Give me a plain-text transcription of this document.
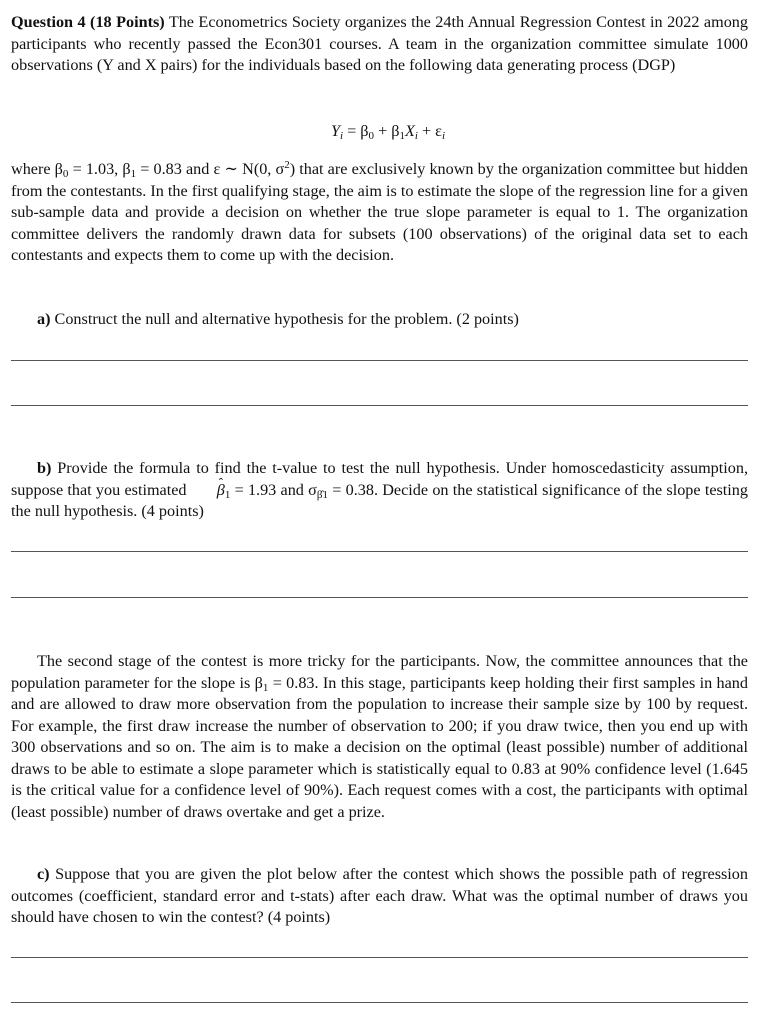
Question 4 (18 Points) The Econometrics Society organizes the 24th Annual Regression Contest in 2022 among participants who recently passed the Econ301 courses. A team in the organization committee simulate 1000 observations (Y and X pairs) for the individuals based on the following data generating process (DGP)

$Y_i = \beta_0 + \beta_1X_i + \varepsilon_i$

where $\beta_0 = 1.03$, $\beta_1 = 0.83$ and ε ∼ N(0, $\sigma^2$) that are exclusively known by the organization committee but hidden from the contestants. In the first qualifying stage, the aim is to estimate the slope of the regression line for a given sub-sample data and provide a decision on whether the true slope parameter is equal to 1. The organization committee delivers the randomly drawn data for subsets (100 observations) of the original data set to each contestants and expects them to come up with the decision.

a) Construct the null and alternative hypothesis for the problem. (2 points)

b) Provide the formula to find the t-value to test the null hypothesis. Under homoscedasticity assumption, suppose that you estimated ˆ $\beta_1 = 1.93$ and $\sigma_{\betâ1} = 0.38$. Decide on the statistical significance of the slope testing the null hypothesis. (4 points)

The second stage of the contest is more tricky for the participants. Now, the committee announces that the population parameter for the slope is $\beta_1 = 0.83$. In this stage, participants keep holding their first samples in hand and are allowed to draw more observation from the population to increase their sample size by 100 by request. For example, the first draw increase the number of observation to 200; if you draw twice, then you end up with 300 observations and so on. The aim is to make a decision on the optimal (least possible) number of additional draws to be able to estimate a slope parameter which is statistically equal to 0.83 at 90% confidence level (1.645 is the critical value for a confidence level of 90%). Each request comes with a cost, the participants with optimal (least possible) number of draws overtake and get a prize.

c) Suppose that you are given the plot below after the contest which shows the possible path of regression outcomes (coefficient, standard error and t-stats) after each draw. What was the optimal number of draws you should have chosen to win the contest? (4 points)
